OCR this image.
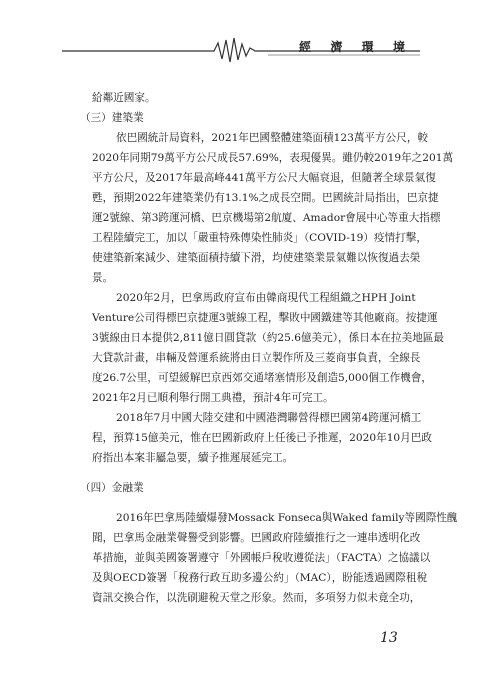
經 濟 環 境
給鄰近國家。
（三）建築業
依巴國統計局資料，2021年巴國整體建築面積123萬平方公尺，較
2020年同期79萬平方公尺成長57.69%，表現優異。雖仍較2019年之201萬
平方公尺，及2017年最高峰441萬平方公尺大幅衰退，但隨著全球景氣復
甦，預期2022年建築業仍有13.1%之成長空間。巴國統計局指出，巴京捷
運2號線、第3跨運河橋、巴京機場第2航廈、Amador會展中心等重大指標
工程陸續完工，加以「嚴重特殊傳染性肺炎」（COVID-19）疫情打擊，
使建築新案減少、建築面積持續下滑，均使建築業景氣難以恢復過去榮
景。
2020年2月，巴拿馬政府宣布由韓商現代工程組織之HPH Joint
Venture公司得標巴京捷運3號線工程，擊敗中國鐵建等其他廠商。按捷運
3號線由日本提供2,811億日圓貸款（約25.6億美元），係日本在拉美地區最
大貸款計畫，串輛及營運系統將由日立製作所及三菱商事負責，全線長
度26.7公里，可望緩解巴京西郊交通堵塞情形及創造5,000個工作機會，
2021年2月已順利舉行開工典禮，預計4年可完工。
2018年7月中國大陸交建和中國港灣聯營得標巴國第4跨運河橋工
程，預算15億美元，惟在巴國新政府上任後已予推遲，2020年10月巴政
府指出本案非屬急要，續予推遲展延完工。
（四）金融業
2016年巴拿馬陸續爆發Mossack Fonseca與Waked family等國際性醜
聞，巴拿馬金融業聲譽受到影響。巴國政府陸續推行之一連串透明化改
革措施，並與美國簽署遵守「外國帳戶稅收遵從法」（FACTA）之協議以
及與OECD簽署「稅務行政互助多邊公約」（MAC），盼能透過國際租稅
資訊交換合作，以洗刷避稅天堂之形象。然而，多項努力似未竟全功，
13
